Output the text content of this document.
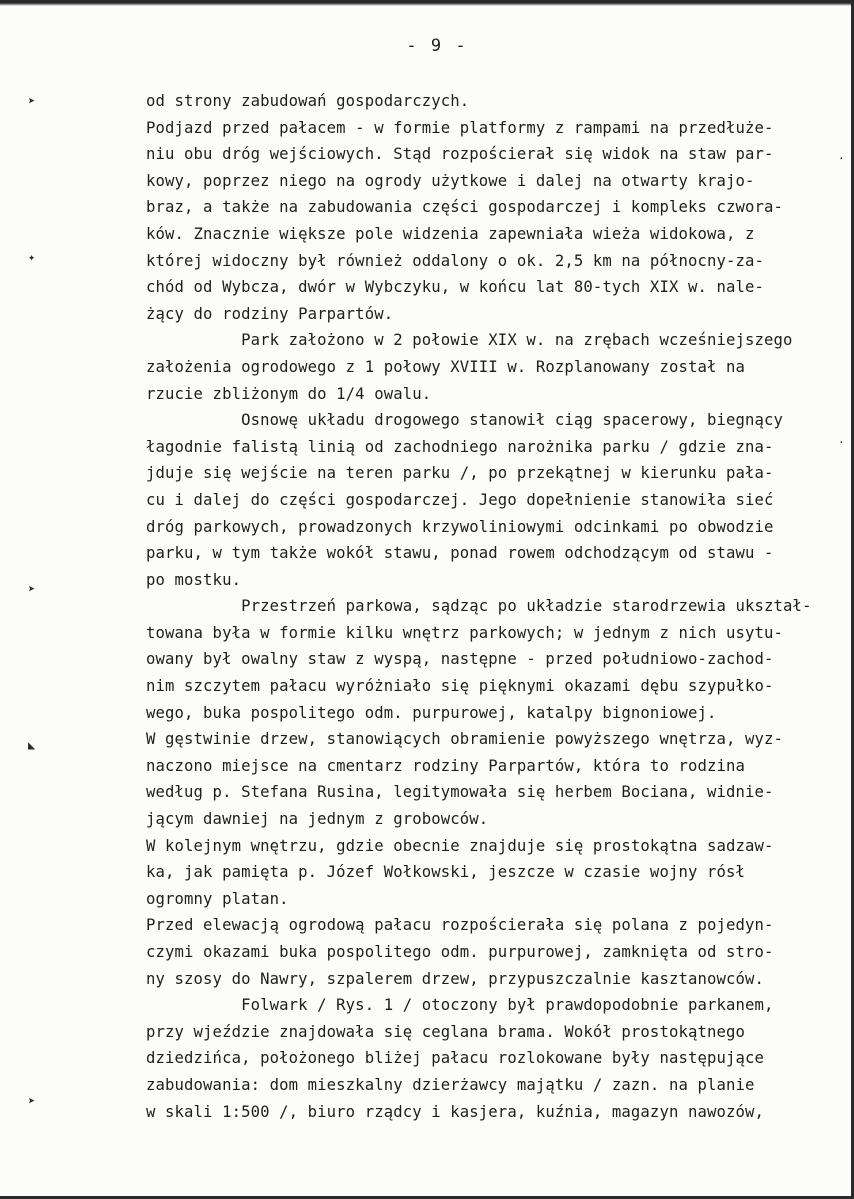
- 9 -
➤
✦
➤
◣
➤
·
·
od strony zabudowań gospodarczych.
Podjazd przed pałacem - w formie platformy z rampami na przedłuże-
niu obu dróg wejściowych. Stąd rozpościerał się widok na staw par-
kowy, poprzez niego na ogrody użytkowe i dalej na otwarty krajo-
braz, a także na zabudowania części gospodarczej i kompleks czwora-
ków. Znacznie większe pole widzenia zapewniała wieża widokowa, z
której widoczny był również oddalony o ok. 2,5 km na północny-za-
chód od Wybcza, dwór w Wybczyku, w końcu lat 80-tych XIX w. nale-
żący do rodziny Parpartów.
Park założono w 2 połowie XIX w. na zrębach wcześniejszego
założenia ogrodowego z 1 połowy XVIII w. Rozplanowany został na
rzucie zbliżonym do 1/4 owalu.
Osnowę układu drogowego stanowił ciąg spacerowy, biegnący
łagodnie falistą linią od zachodniego narożnika parku / gdzie zna-
jduje się wejście na teren parku /, po przekątnej w kierunku pała-
cu i dalej do części gospodarczej. Jego dopełnienie stanowiła sieć
dróg parkowych, prowadzonych krzywoliniowymi odcinkami po obwodzie
parku, w tym także wokół stawu, ponad rowem odchodzącym od stawu -
po mostku.
Przestrzeń parkowa, sądząc po układzie starodrzewia ukształ-
towana była w formie kilku wnętrz parkowych; w jednym z nich usytu-
owany był owalny staw z wyspą, następne - przed południowo-zachod-
nim szczytem pałacu wyróżniało się pięknymi okazami dębu szypułko-
wego, buka pospolitego odm. purpurowej, katalpy bignoniowej.
W gęstwinie drzew, stanowiących obramienie powyższego wnętrza, wyz-
naczono miejsce na cmentarz rodziny Parpartów, która to rodzina
według p. Stefana Rusina, legitymowała się herbem Bociana, widnie-
jącym dawniej na jednym z grobowców.
W kolejnym wnętrzu, gdzie obecnie znajduje się prostokątna sadzaw-
ka, jak pamięta p. Józef Wołkowski, jeszcze w czasie wojny rósł
ogromny platan.
Przed elewacją ogrodową pałacu rozpościerała się polana z pojedyn-
czymi okazami buka pospolitego odm. purpurowej, zamknięta od stro-
ny szosy do Nawry, szpalerem drzew, przypuszczalnie kasztanowców.
Folwark / Rys. 1 / otoczony był prawdopodobnie parkanem,
przy wjeździe znajdowała się ceglana brama. Wokół prostokątnego
dziedzińca, położonego bliżej pałacu rozlokowane były następujące
zabudowania: dom mieszkalny dzierżawcy majątku / zazn. na planie
w skali 1:500 /, biuro rządcy i kasjera, kuźnia, magazyn nawozów,
